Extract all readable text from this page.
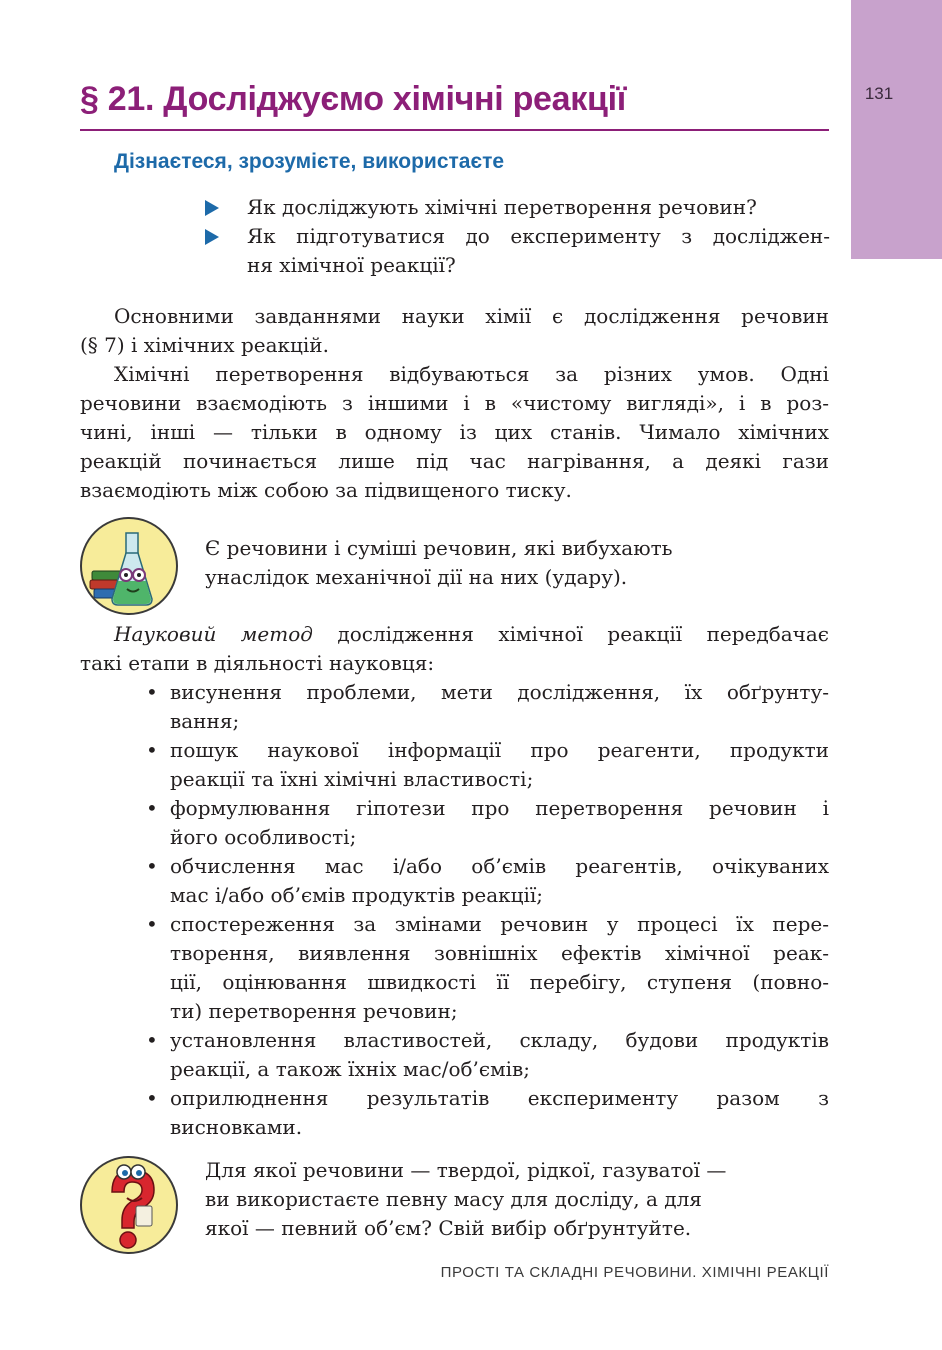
131
§ 21. Досліджуємо хімічні реакції
Дізнаєтеся, зрозумієте, використаєте
Як досліджують хімічні перетворення речовин?
Як підготуватися до експерименту з досліджен-
ня хімічної реакції?
Основними завданнями науки хімії є дослідження речовин
(§ 7) і хімічних реакцій.
Хімічні перетворення відбуваються за різних умов. Одні
речовини взаємодіють з іншими і в «чистому вигляді», і в роз-
чині, інші — тільки в одному із цих станів. Чимало хімічних
реакцій починається лише під час нагрівання, а деякі гази
взаємодіють між собою за підвищеного тиску.
Є речовини і суміші речовин, які вибухають
унаслідок механічної дії на них (удару).
Науковий метод дослідження хімічної реакції передбачає
такі етапи в діяльності науковця:
• висунення проблеми, мети дослідження, їх обґрунту-
вання;
• пошук наукової інформації про реагенти, продукти
реакції та їхні хімічні властивості;
• формулювання гіпотези про перетворення речовин і
його особливості;
• обчислення мас і/або об’ємів реагентів, очікуваних
мас і/або об’ємів продуктів реакції;
• спостереження за змінами речовин у процесі їх пере-
творення, виявлення зовнішніх ефектів хімічної реак-
ції, оцінювання швидкості її перебігу, ступеня (повно-
ти) перетворення речовин;
• установлення властивостей, складу, будови продуктів
реакції, а також їхніх мас/об’ємів;
• оприлюднення результатів експерименту разом з
висновками.
Для якої речовини — твердої, рідкої, газуватої —
ви використаєте певну масу для досліду, а для
якої — певний об’єм? Свій вибір обґрунтуйте.
ПРОСТІ ТА СКЛАДНІ РЕЧОВИНИ. ХІМІЧНІ РЕАКЦІЇ
